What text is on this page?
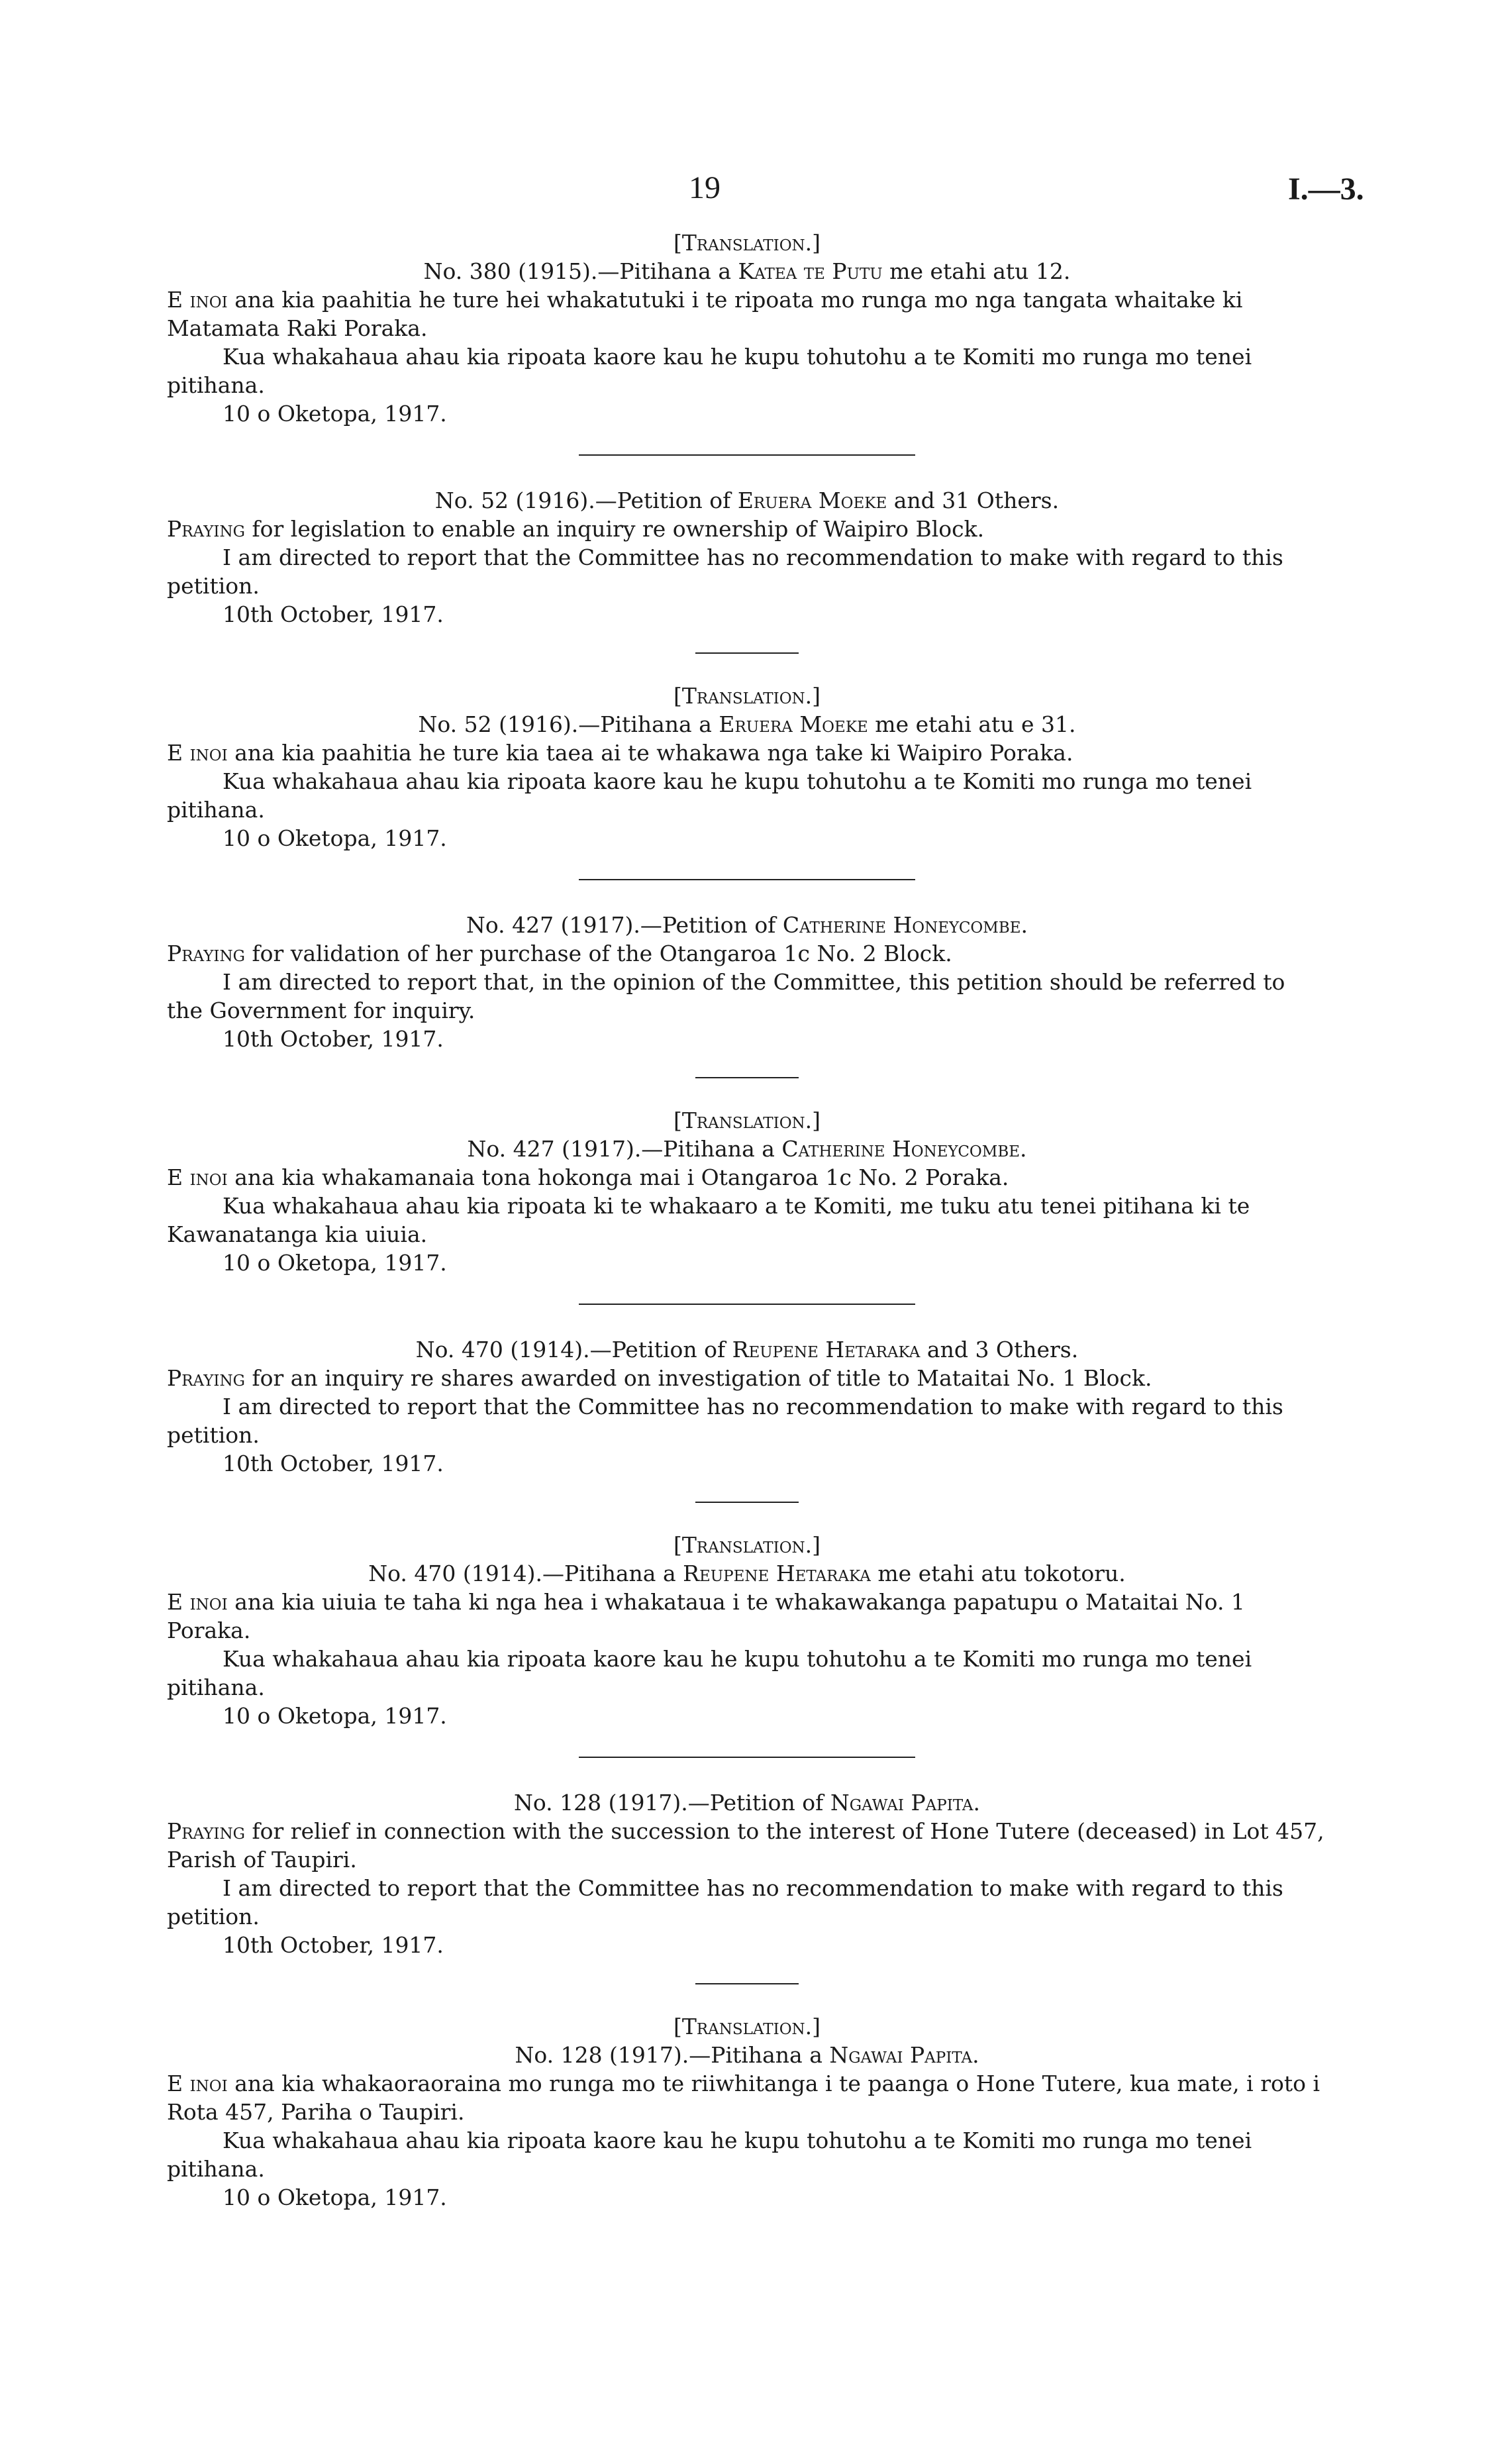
19	I.—3.

[Translation.]

No. 380 (1915).—Pitihana a Katea te Putu me etahi atu 12.

E inoi ana kia paahitia he ture hei whakatutuki i te ripoata mo runga mo nga tangata whaitake ki Matamata Raki Poraka.

Kua whakahaua ahau kia ripoata kaore kau he kupu tohutohu a te Komiti mo runga mo tenei pitihana.

10 o Oketopa, 1917.

No. 52 (1916).—Petition of Eruera Moeke and 31 Others.

Praying for legislation to enable an inquiry re ownership of Waipiro Block.

I am directed to report that the Committee has no recommendation to make with regard to this petition.

10th October, 1917.

[Translation.]

No. 52 (1916).—Pitihana a Eruera Moeke me etahi atu e 31.

E inoi ana kia paahitia he ture kia taea ai te whakawa nga take ki Waipiro Poraka.

Kua whakahaua ahau kia ripoata kaore kau he kupu tohutohu a te Komiti mo runga mo tenei pitihana.

10 o Oketopa, 1917.

No. 427 (1917).—Petition of Catherine Honeycombe.

Praying for validation of her purchase of the Otangaroa 1c No. 2 Block.

I am directed to report that, in the opinion of the Committee, this petition should be referred to the Government for inquiry.

10th October, 1917.

[Translation.]

No. 427 (1917).—Pitihana a Catherine Honeycombe.

E inoi ana kia whakamanaia tona hokonga mai i Otangaroa 1c No. 2 Poraka.

Kua whakahaua ahau kia ripoata ki te whakaaro a te Komiti, me tuku atu tenei pitihana ki te Kawanatanga kia uiuia.

10 o Oketopa, 1917.

No. 470 (1914).—Petition of Reupene Hetaraka and 3 Others.

Praying for an inquiry re shares awarded on investigation of title to Mataitai No. 1 Block.

I am directed to report that the Committee has no recommendation to make with regard to this petition.

10th October, 1917.

[Translation.]

No. 470 (1914).—Pitihana a Reupene Hetaraka me etahi atu tokotoru.

E inoi ana kia uiuia te taha ki nga hea i whakataua i te whakawakanga papatupu o Mataitai No. 1 Poraka.

Kua whakahaua ahau kia ripoata kaore kau he kupu tohutohu a te Komiti mo runga mo tenei pitihana.

10 o Oketopa, 1917.

No. 128 (1917).—Petition of Ngawai Papita.

Praying for relief in connection with the succession to the interest of Hone Tutere (deceased) in Lot 457, Parish of Taupiri.

I am directed to report that the Committee has no recommendation to make with regard to this petition.

10th October, 1917.

[Translation.]

No. 128 (1917).—Pitihana a Ngawai Papita.

E inoi ana kia whakaoraoraina mo runga mo te riiwhitanga i te paanga o Hone Tutere, kua mate, i roto i Rota 457, Pariha o Taupiri.

Kua whakahaua ahau kia ripoata kaore kau he kupu tohutohu a te Komiti mo runga mo tenei pitihana.

10 o Oketopa, 1917.
